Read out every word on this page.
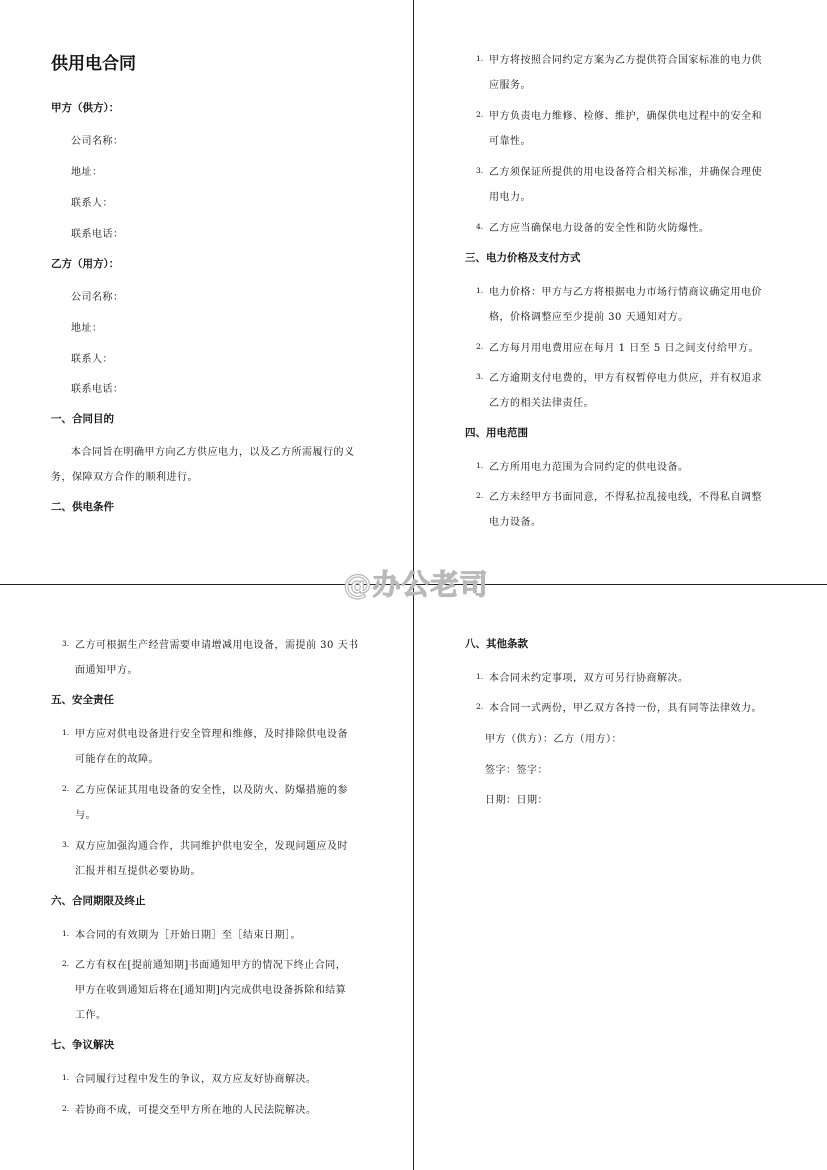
供用电合同
甲方（供方）：
公司名称：
地址：
联系人：
联系电话：
乙方（用方）：
公司名称：
地址：
联系人：
联系电话：
一、合同目的
本合同旨在明确甲方向乙方供应电力，以及乙方所需履行的义
务，保障双方合作的顺利进行。
二、供电条件
1. 甲方将按照合同约定方案为乙方提供符合国家标准的电力供
应服务。
2. 甲方负责电力维修、检修、维护，确保供电过程中的安全和
可靠性。
3. 乙方须保证所提供的用电设备符合相关标准，并确保合理使
用电力。
4. 乙方应当确保电力设备的安全性和防火防爆性。
三、电力价格及支付方式
1. 电力价格：甲方与乙方将根据电力市场行情商议确定用电价
格，价格调整应至少提前 30 天通知对方。
2. 乙方每月用电费用应在每月 1 日至 5 日之间支付给甲方。
3. 乙方逾期支付电费的，甲方有权暂停电力供应，并有权追求
乙方的相关法律责任。
四、用电范围
1. 乙方所用电力范围为合同约定的供电设备。
2. 乙方未经甲方书面同意，不得私拉乱接电线，不得私自调整
电力设备。
3. 乙方可根据生产经营需要申请增减用电设备，需提前 30 天书
面通知甲方。
五、安全责任
1. 甲方应对供电设备进行安全管理和维修，及时排除供电设备
可能存在的故障。
2. 乙方应保证其用电设备的安全性，以及防火、防爆措施的参
与。
3. 双方应加强沟通合作，共同维护供电安全，发现问题应及时
汇报并相互提供必要协助。
六、合同期限及终止
1. 本合同的有效期为［开始日期］至［结束日期］。
2. 乙方有权在[提前通知期]书面通知甲方的情况下终止合同，
甲方在收到通知后将在[通知期]内完成供电设备拆除和结算
工作。
七、争议解决
1. 合同履行过程中发生的争议，双方应友好协商解决。
2. 若协商不成，可提交至甲方所在地的人民法院解决。
八、其他条款
1. 本合同未约定事项，双方可另行协商解决。
2. 本合同一式两份，甲乙双方各持一份，具有同等法律效力。
甲方（供方）：乙方（用方）：
签字：签字：
日期：日期：
@办公老司
